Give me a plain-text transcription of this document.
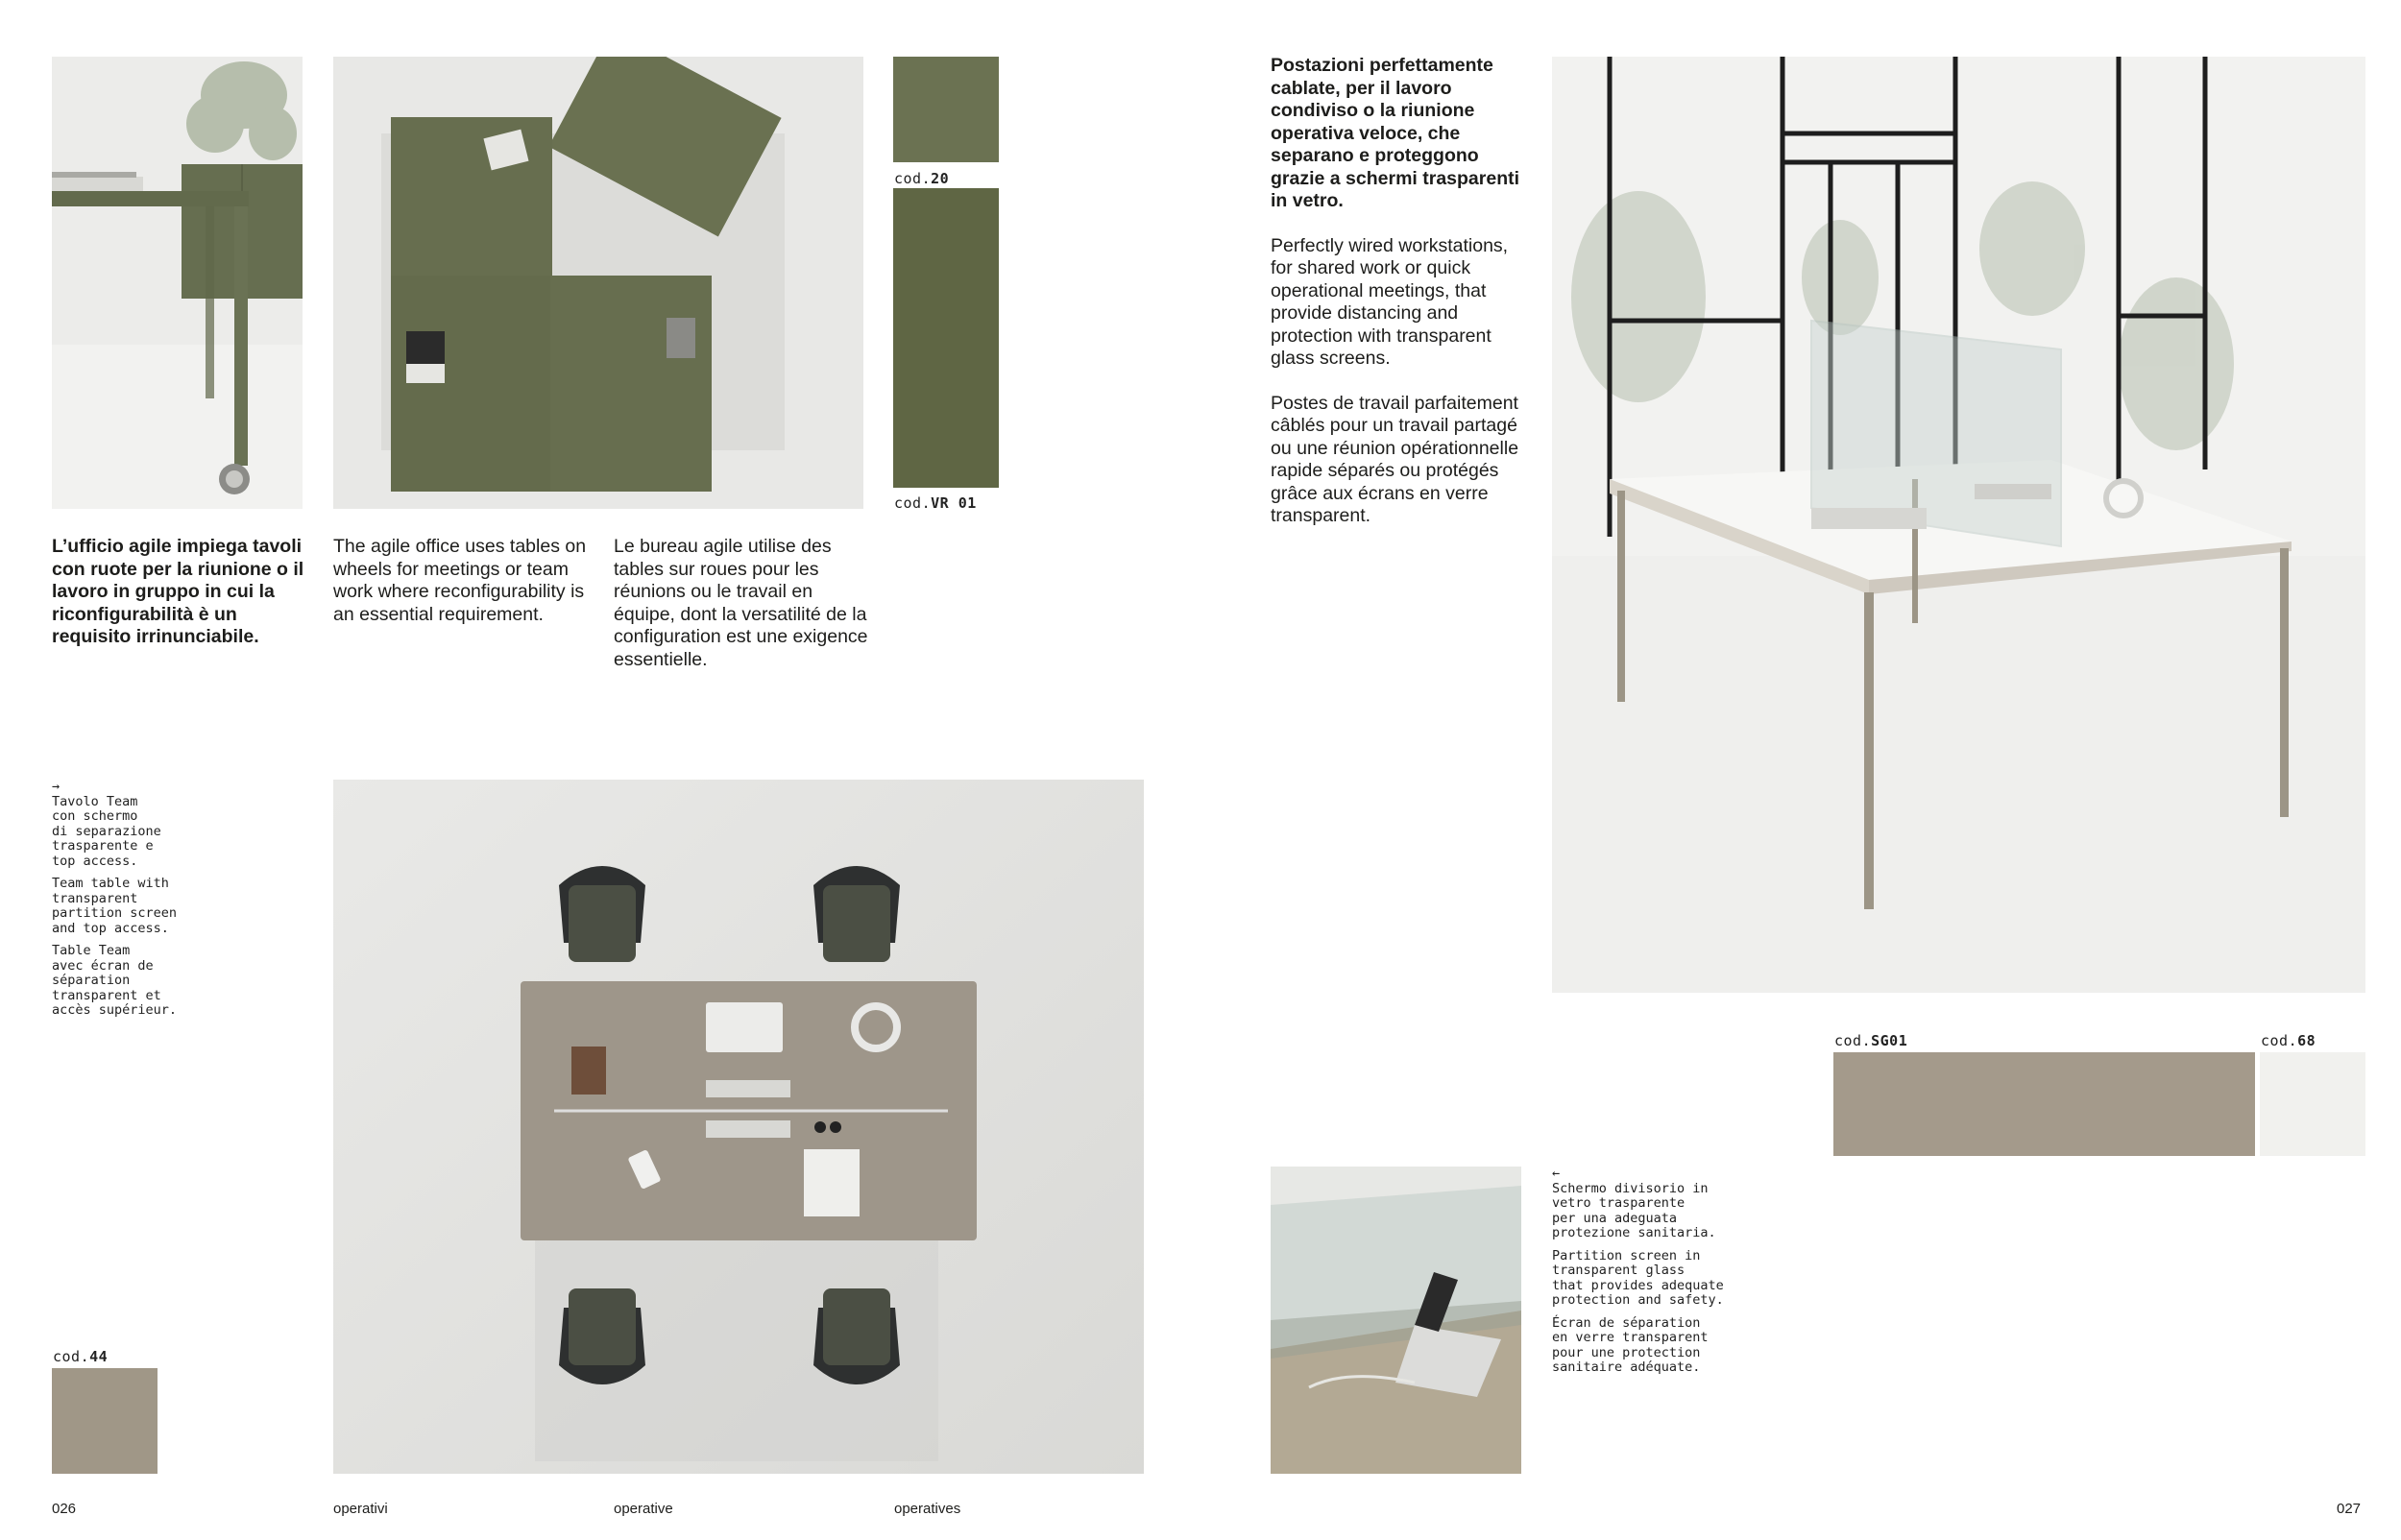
cod.20
cod.VR 01
L’ufficio agile impiega tavoli con ruote per la riunione o il lavoro in gruppo in cui la riconfigurabilità è un requisito irrinunciabile.
The agile office uses tables on wheels for meetings or team work where reconfigurability is an essential requirement.
Le bureau agile utilise des tables sur roues pour les réunions ou le travail en équipe, dont la versatilité de la configuration est une exigence essentielle.

→

Tavolo Team
con schermo
di separazione
trasparente e
top access.

Team table with
transparent
partition screen
and top access.

Table Team
avec écran de
séparation
transparent et
accès supérieur.

cod.44
026	operativi	operative	operatives

Postazioni perfettamente cablate, per il lavoro condiviso o la riunione operativa veloce, che separano e proteggono grazie a schermi trasparenti in vetro.

Perfectly wired workstations, for shared work or quick operational meetings, that provide distancing and protection with transparent glass screens.

Postes de travail parfaitement câblés pour un travail partagé ou une réunion opérationnelle rapide séparés ou protégés grâce aux écrans en verre transparent.

cod.SG01	cod.68

←

Schermo divisorio in
vetro trasparente
per una adeguata
protezione sanitaria.

Partition screen in
transparent glass
that provides adequate
protection and safety.

Écran de séparation
en verre transparent
pour une protection
sanitaire adéquate.

027
